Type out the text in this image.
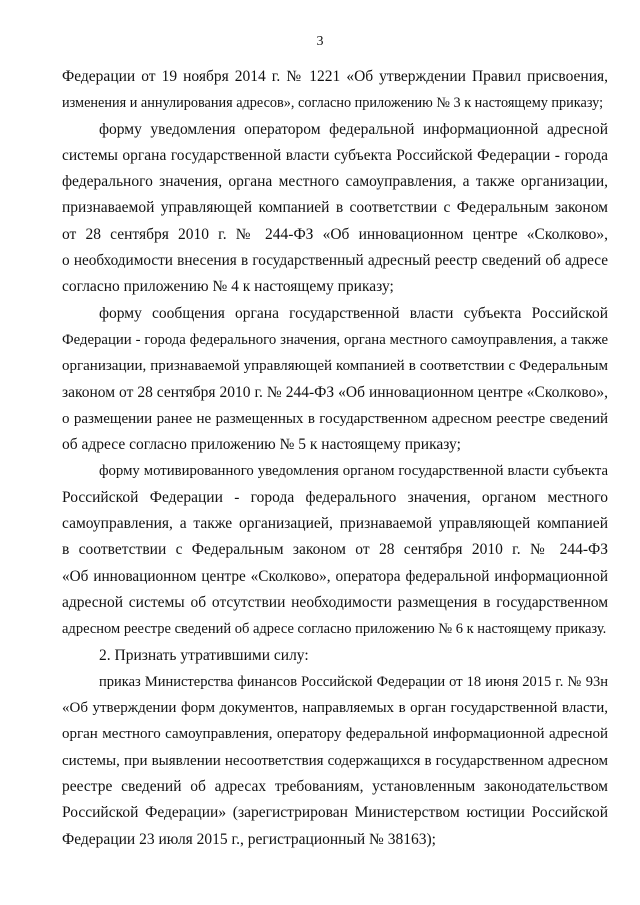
3
Федерации от 19 ноября 2014 г. № 1221 «Об утверждении Правил присвоения,
изменения и аннулирования адресов», согласно приложению № 3 к настоящему приказу;
форму уведомления оператором федеральной информационной адресной
системы органа государственной власти субъекта Российской Федерации - города
федерального значения, органа местного самоуправления, а также организации,
признаваемой управляющей компанией в соответствии с Федеральным законом
от 28 сентября 2010 г. № 244-ФЗ «Об инновационном центре «Сколково»,
о необходимости внесения в государственный адресный реестр сведений об адресе
согласно приложению № 4 к настоящему приказу;
форму сообщения органа государственной власти субъекта Российской
Федерации - города федерального значения, органа местного самоуправления, а также
организации, признаваемой управляющей компанией в соответствии с Федеральным
законом от 28 сентября 2010 г. № 244-ФЗ «Об инновационном центре «Сколково»,
о размещении ранее не размещенных в государственном адресном реестре сведений
об адресе согласно приложению № 5 к настоящему приказу;
форму мотивированного уведомления органом государственной власти субъекта
Российской Федерации - города федерального значения, органом местного
самоуправления, а также организацией, признаваемой управляющей компанией
в соответствии с Федеральным законом от 28 сентября 2010 г. № 244-ФЗ
«Об инновационном центре «Сколково», оператора федеральной информационной
адресной системы об отсутствии необходимости размещения в государственном
адресном реестре сведений об адресе согласно приложению № 6 к настоящему приказу.
2. Признать утратившими силу:
приказ Министерства финансов Российской Федерации от 18 июня 2015 г. № 93н
«Об утверждении форм документов, направляемых в орган государственной власти,
орган местного самоуправления, оператору федеральной информационной адресной
системы, при выявлении несоответствия содержащихся в государственном адресном
реестре сведений об адресах требованиям, установленным законодательством
Российской Федерации» (зарегистрирован Министерством юстиции Российской
Федерации 23 июля 2015 г., регистрационный № 38163);
